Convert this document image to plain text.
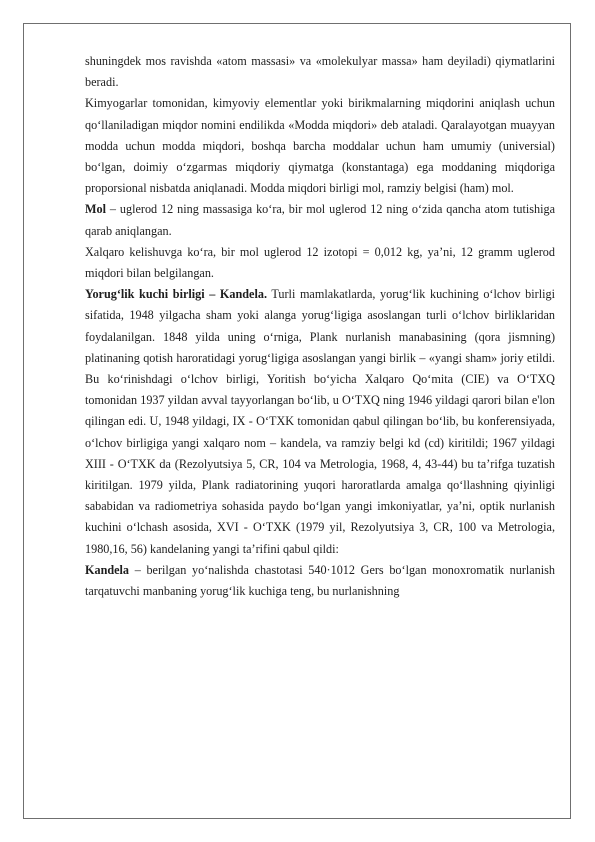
shuningdek mos ravishda «atom massasi» va «molekulyar massa» ham deyiladi) qiymatlarini beradi.

Kimyogarlar tomonidan, kimyoviy elementlar yoki birikmalarning miqdorini aniqlash uchun qo‘llaniladigan miqdor nomini endilikda «Modda miqdori» deb ataladi. Qaralayotgan muayyan modda uchun modda miqdori, boshqa barcha moddalar uchun ham umumiy (universial) bo‘lgan, doimiy o‘zgarmas miqdoriy qiymatga (konstantaga) ega moddaning miqdoriga proporsional nisbatda aniqlanadi. Modda miqdori birligi mol, ramziy belgisi (ham) mol.

Mol – uglerod 12 ning massasiga ko‘ra, bir mol uglerod 12 ning o‘zida qancha atom tutishiga qarab aniqlangan.

Xalqaro kelishuvga ko‘ra, bir mol uglerod 12 izotopi = 0,012 kg, ya’ni, 12 gramm uglerod miqdori bilan belgilangan.

Yorug‘lik kuchi birligi – Kandela. Turli mamlakatlarda, yorug‘lik kuchining o‘lchov birligi sifatida, 1948 yilgacha sham yoki alanga yorug‘ligiga asoslangan turli o‘lchov birliklaridan foydalanilgan. 1848 yilda uning o‘rniga, Plank nurlanish manabasining (qora jismning) platinaning qotish haroratidagi yorug‘ligiga asoslangan yangi birlik – «yangi sham» joriy etildi. Bu ko‘rinishdagi o‘lchov birligi, Yoritish bo‘yicha Xalqaro Qo‘mita (CIE) va O‘TXQ tomonidan 1937 yildan avval tayyorlangan bo‘lib, u O‘TXQ ning 1946 yildagi qarori bilan e'lon qilingan edi. U, 1948 yildagi, IX - O‘TXK tomonidan qabul qilingan bo‘lib, bu konferensiyada, o‘lchov birligiga yangi xalqaro nom – kandela, va ramziy belgi kd (cd) kiritildi; 1967 yildagi XIII - O‘TXK da (Rezolyutsiya 5, CR, 104 va Metrologia, 1968, 4, 43-44) bu ta’rifga tuzatish kiritilgan. 1979 yilda, Plank radiatorining yuqori haroratlarda amalga qo‘llashning qiyinligi sababidan va radiometriya sohasida paydo bo‘lgan yangi imkoniyatlar, ya’ni, optik nurlanish kuchini o‘lchash asosida, XVI - O‘TXK (1979 yil, Rezolyutsiya 3, CR, 100 va Metrologia, 1980,16, 56) kandelaning yangi ta’rifini qabul qildi:

Kandela – berilgan yo‘nalishda chastotasi 540·1012 Gers bo‘lgan monoxromatik nurlanish tarqatuvchi manbaning yorug‘lik kuchiga teng, bu nurlanishning
